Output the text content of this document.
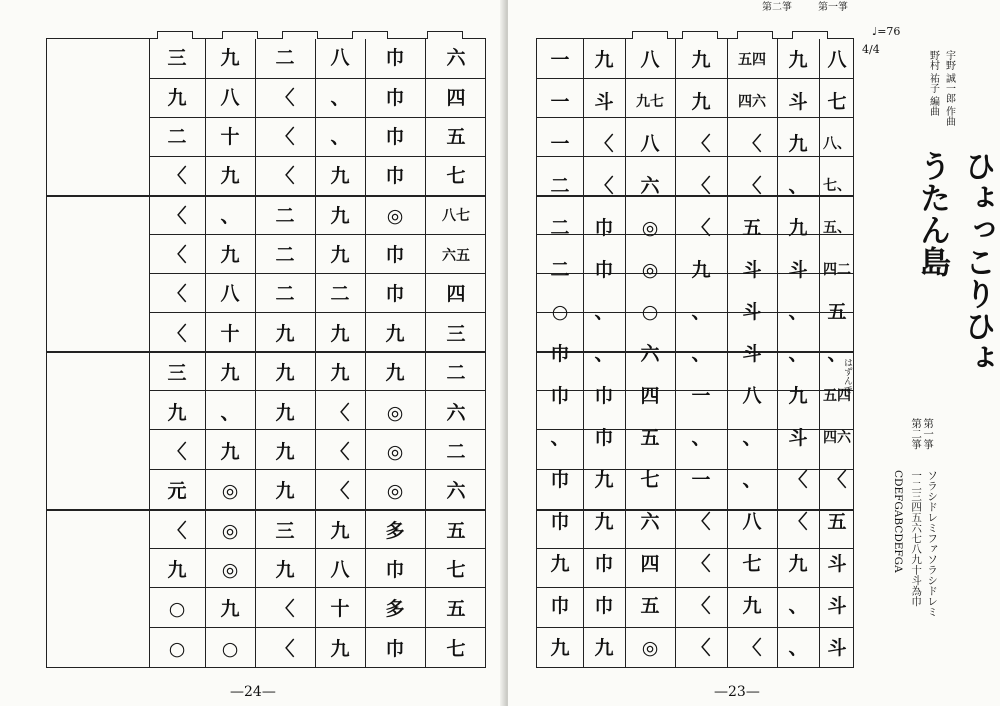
六
四
五
七
八七
六五
四
三
二
六
二
六
五
七
五
七
巾
巾
巾
巾
◎
巾
巾
九
九
◎
◎
◎
多
巾
多
巾
八
、
、
九
九
九
二
九
九
〈
〈
〈
九
八
十
九
二
〈
〈
〈
二
二
二
九
九
九
九
九
三
九
〈
〈
九
八
十
九
、
九
八
十
九
、
九
◎
◎
◎
九
○
三
九
二
〈
〈
〈
〈
〈
三
九
〈
元
〈
九
○
○
—24—
第二箏	第一箏
♩=76
八
七
八、
七、
五、
四二
五
、
五四
四六
〈
五
斗
斗
斗
九
斗
九
、
九
斗
、
、
九
斗
〈
〈
九
、
、
五四
四六
〈
〈
五
斗
斗
斗
八
、
、
八
七
九
〈
九
九
〈
〈
〈
九
、
、
一
、
一
〈
〈
〈
〈
八
九七
八
六
◎
◎
○
六
四
五
七
六
四
五
◎
九
斗
〈
〈
巾
巾
、
、
巾
巾
九
九
巾
巾
九
一
一
一
二
二
二
○
巾
巾
、
巾
巾
九
巾
九
4/4
宇野 誠一郎 作曲
野村 祐子 編曲
ひょっこりひょうたん島
はずんで
第一箏
第二箏
一二三四五六七八九十斗為巾 ソラシドレミファソラシドレミ
CDEFGABCDEFGA
—23—
